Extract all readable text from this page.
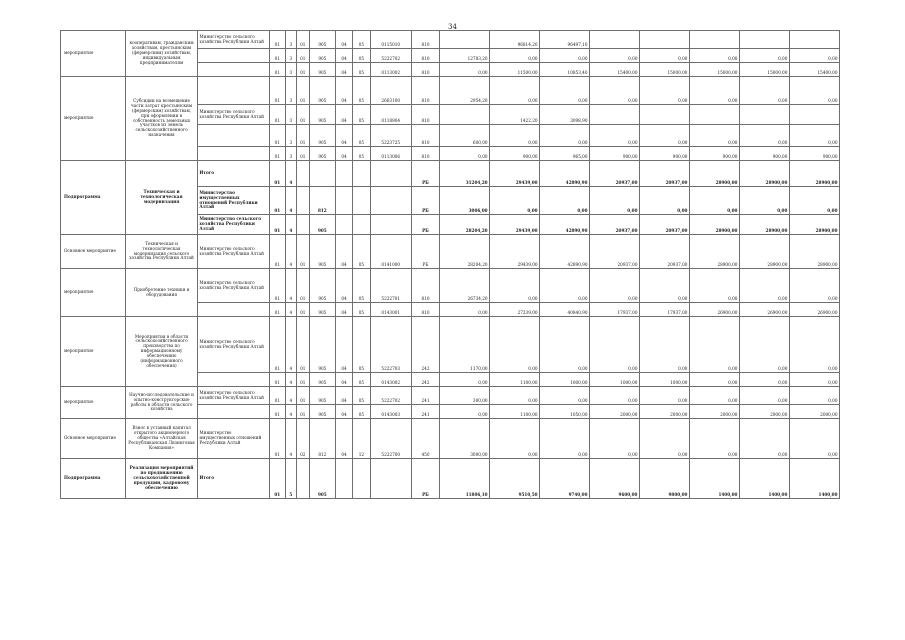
34
мероприятие	кооперативам, гражданским хозяйствам, крестьянским (фермерским) хозяйствам, индивидуальным предпринимателям	Министерство сельского хозяйства Республики Алтай	01	3	01	905	04	05	0115010	810		96814,20	96497,10					
			01	3	01	905	04	05	5222702	810	12783,20	0,00	0,00	0,00	0,00	0,00	0,00	0,00
			01	3	01	905	04	05	0113002	810	0,00	11500,00	10853,40	15400,00	15000,00	15000,00	15000,00	15400,00
мероприятие	Субсидии на возмещение части затрат крестьянским (фермерским) хозяйствам, при оформлении в собственность земельных участков из земель сельскохозяйственного назначения		01	3	01	905	04	05	2663100	810	2954,20	0,00	0,00	0,00	0,00	0,00	0,00	0,00
		Министерство сельского хозяйства Республики Алтай	01	3	01	905	04	05	0118804	810		1422,20	3098,90					
			01	3	01	905	04	05	5223725	810	600,00	0,00	0,00	0,00	0,00	0,00	0,00	0,00
			01	3	01	905	04	05	0113006	810	0,00	900,00	965,00	900,00	900,00	900,00	900,00	900,00
Подпрограмма	Техническая и технологическая модернизация	Итого	01	4						РБ	31204,20	29439,00	42890,90	20937,00	20937,00	28900,00	28900,00	28900,00
		Министерство имущественных отношений Республики Алтай	01	4		812				РБ	3006,00	0,00	0,00	0,00	0,00	0,00	0,00	0,00
		Министерство сельского хозяйства Республики Алтай	01	4		905				РБ	28204,20	29439,00	42890,90	20937,00	20937,00	28900,00	28900,00	28900,00
Основное мероприятие	Техническая и технологическая модернизация сельского хозяйства Республики Алтай	Министерство сельского хозяйства Республики Алтай	01	4	01	905	04	05	0141000	РБ	28204,20	29439,00	42890,90	20937,00	20937,00	28900,00	28900,00	28900,00
мероприятие	Приобретение техники и оборудования	Министерство сельского хозяйства Республики Алтай	01	4	01	905	04	05	5222701	810	26734,20	0,00	0,00	0,00	0,00	0,00	0,00	0,00
			01	4	01	905	04	05	0143001	810	0,00	27239,00	40840,90	17937,00	17937,00	26900,00	26900,00	26900,00
мероприятие	Мероприятия в области сельскохозяйственного производства по информационному обеспечению (информационного обеспечения)	Министерство сельского хозяйства Республики Алтай	01	4	01	905	04	05	5222703	242	1170,00	0,00	0,00	0,00	0,00	0,00	0,00	0,00
			01	4	01	905	04	05	0143002	242	0,00	1100,00	1000,00	1000,00	1000,00	0,00	0,00	0,00
мероприятие	Научно-исследовательские и опытно-конструкторские работы в области сельского хозяйства	Министерство сельского хозяйства Республики Алтай	01	4	01	905	04	05	5222702	241	300,00	0,00	0,00	0,00	0,00	0,00	0,00	0,00
			01	4	01	905	04	05	0143003	241	0,00	1100,00	1050,00	2000,00	2000,00	2000,00	2000,00	2000,00
Основное мероприятие	Взнос в уставный капитал открытого акционерного общества «Алтайская Республиканская Лизинговая Компания»	Министерство имущественных отношений Республики Алтай	01	4	02	812	04	12	5222700	450	3000,00	0,00	0,00	0,00	0,00	0,00	0,00	0,00
Подпрограмма	Реализация мероприятий по продвижению сельскохозяйственной продукции, кадровому обеспечению	Итого	01	5		905				РБ	11806,10	9510,50	9740,00	9600,00	9800,00	1400,00	1400,00	1400,00
